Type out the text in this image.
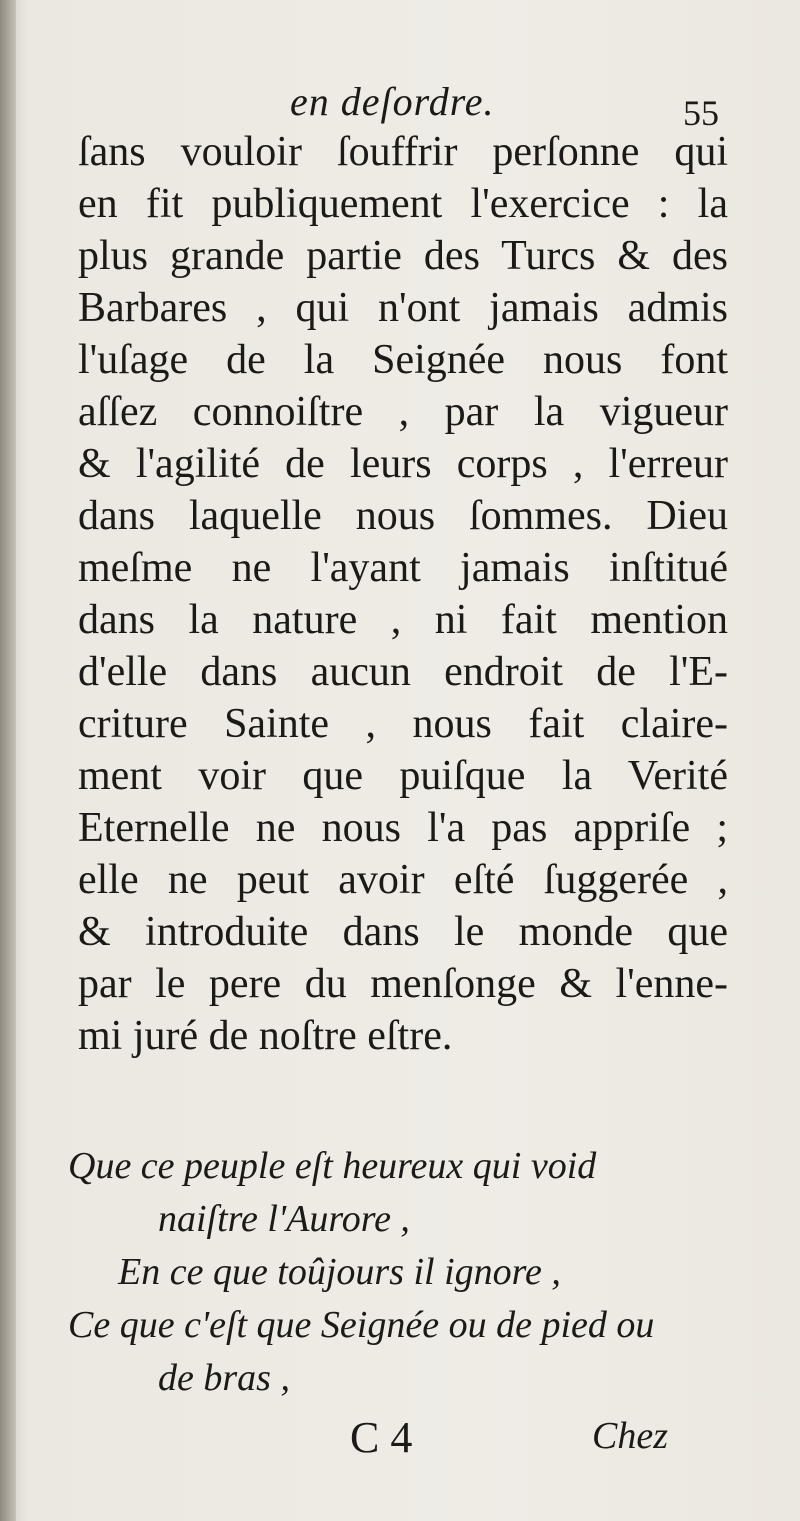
en deſordre.	55
ſans vouloir ſouffrir perſonne qui
en fit publiquement l'exercice : la
plus grande partie des Turcs & des
Barbares , qui n'ont jamais admis
l'uſage de la Seignée nous font
aſſez connoiſtre , par la vigueur
& l'agilité de leurs corps , l'erreur
dans laquelle nous ſommes. Dieu
meſme ne l'ayant jamais inſtitué
dans la nature , ni fait mention
d'elle dans aucun endroit de l'E-
criture Sainte , nous fait claire-
ment voir que puiſque la Verité
Eternelle ne nous l'a pas appriſe ;
elle ne peut avoir eſté ſuggerée ,
& introduite dans le monde que
par le pere du menſonge & l'enne-
mi juré de noſtre eſtre.
Que ce peuple eſt heureux qui void
naiſtre l'Aurore ,
En ce que toûjours il ignore ,
Ce que c'eſt que Seignée ou de pied ou
de bras ,
C 4	Chez
